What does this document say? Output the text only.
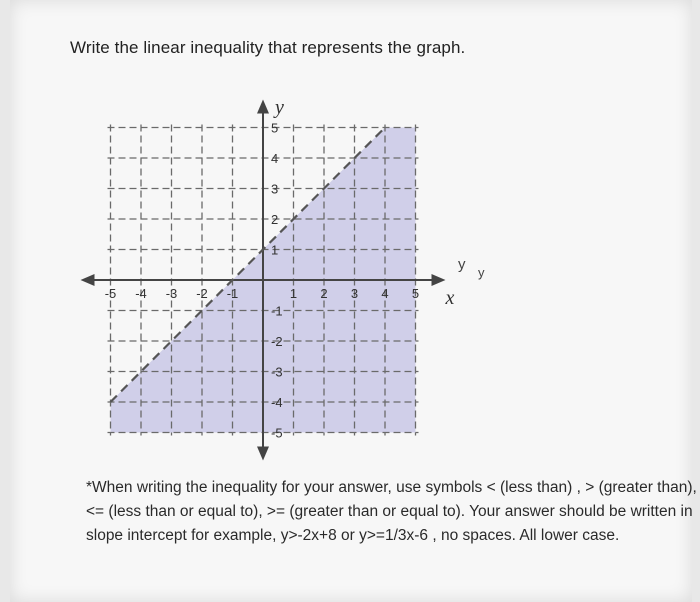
Write the linear inequality that represents the graph.
-5 -4 -3 -2 -1	1 2 3 4 5
5
4
3
2
1
-1
-2
-3
-4
-5
x
y
y y
*When writing the inequality for your answer, use symbols < (less than) , > (greater than), <= (less than or equal to), >= (greater than or equal to). Your answer should be written in slope intercept for example, y>-2x+8 or y>=1/3x-6 , no spaces. All lower case.
